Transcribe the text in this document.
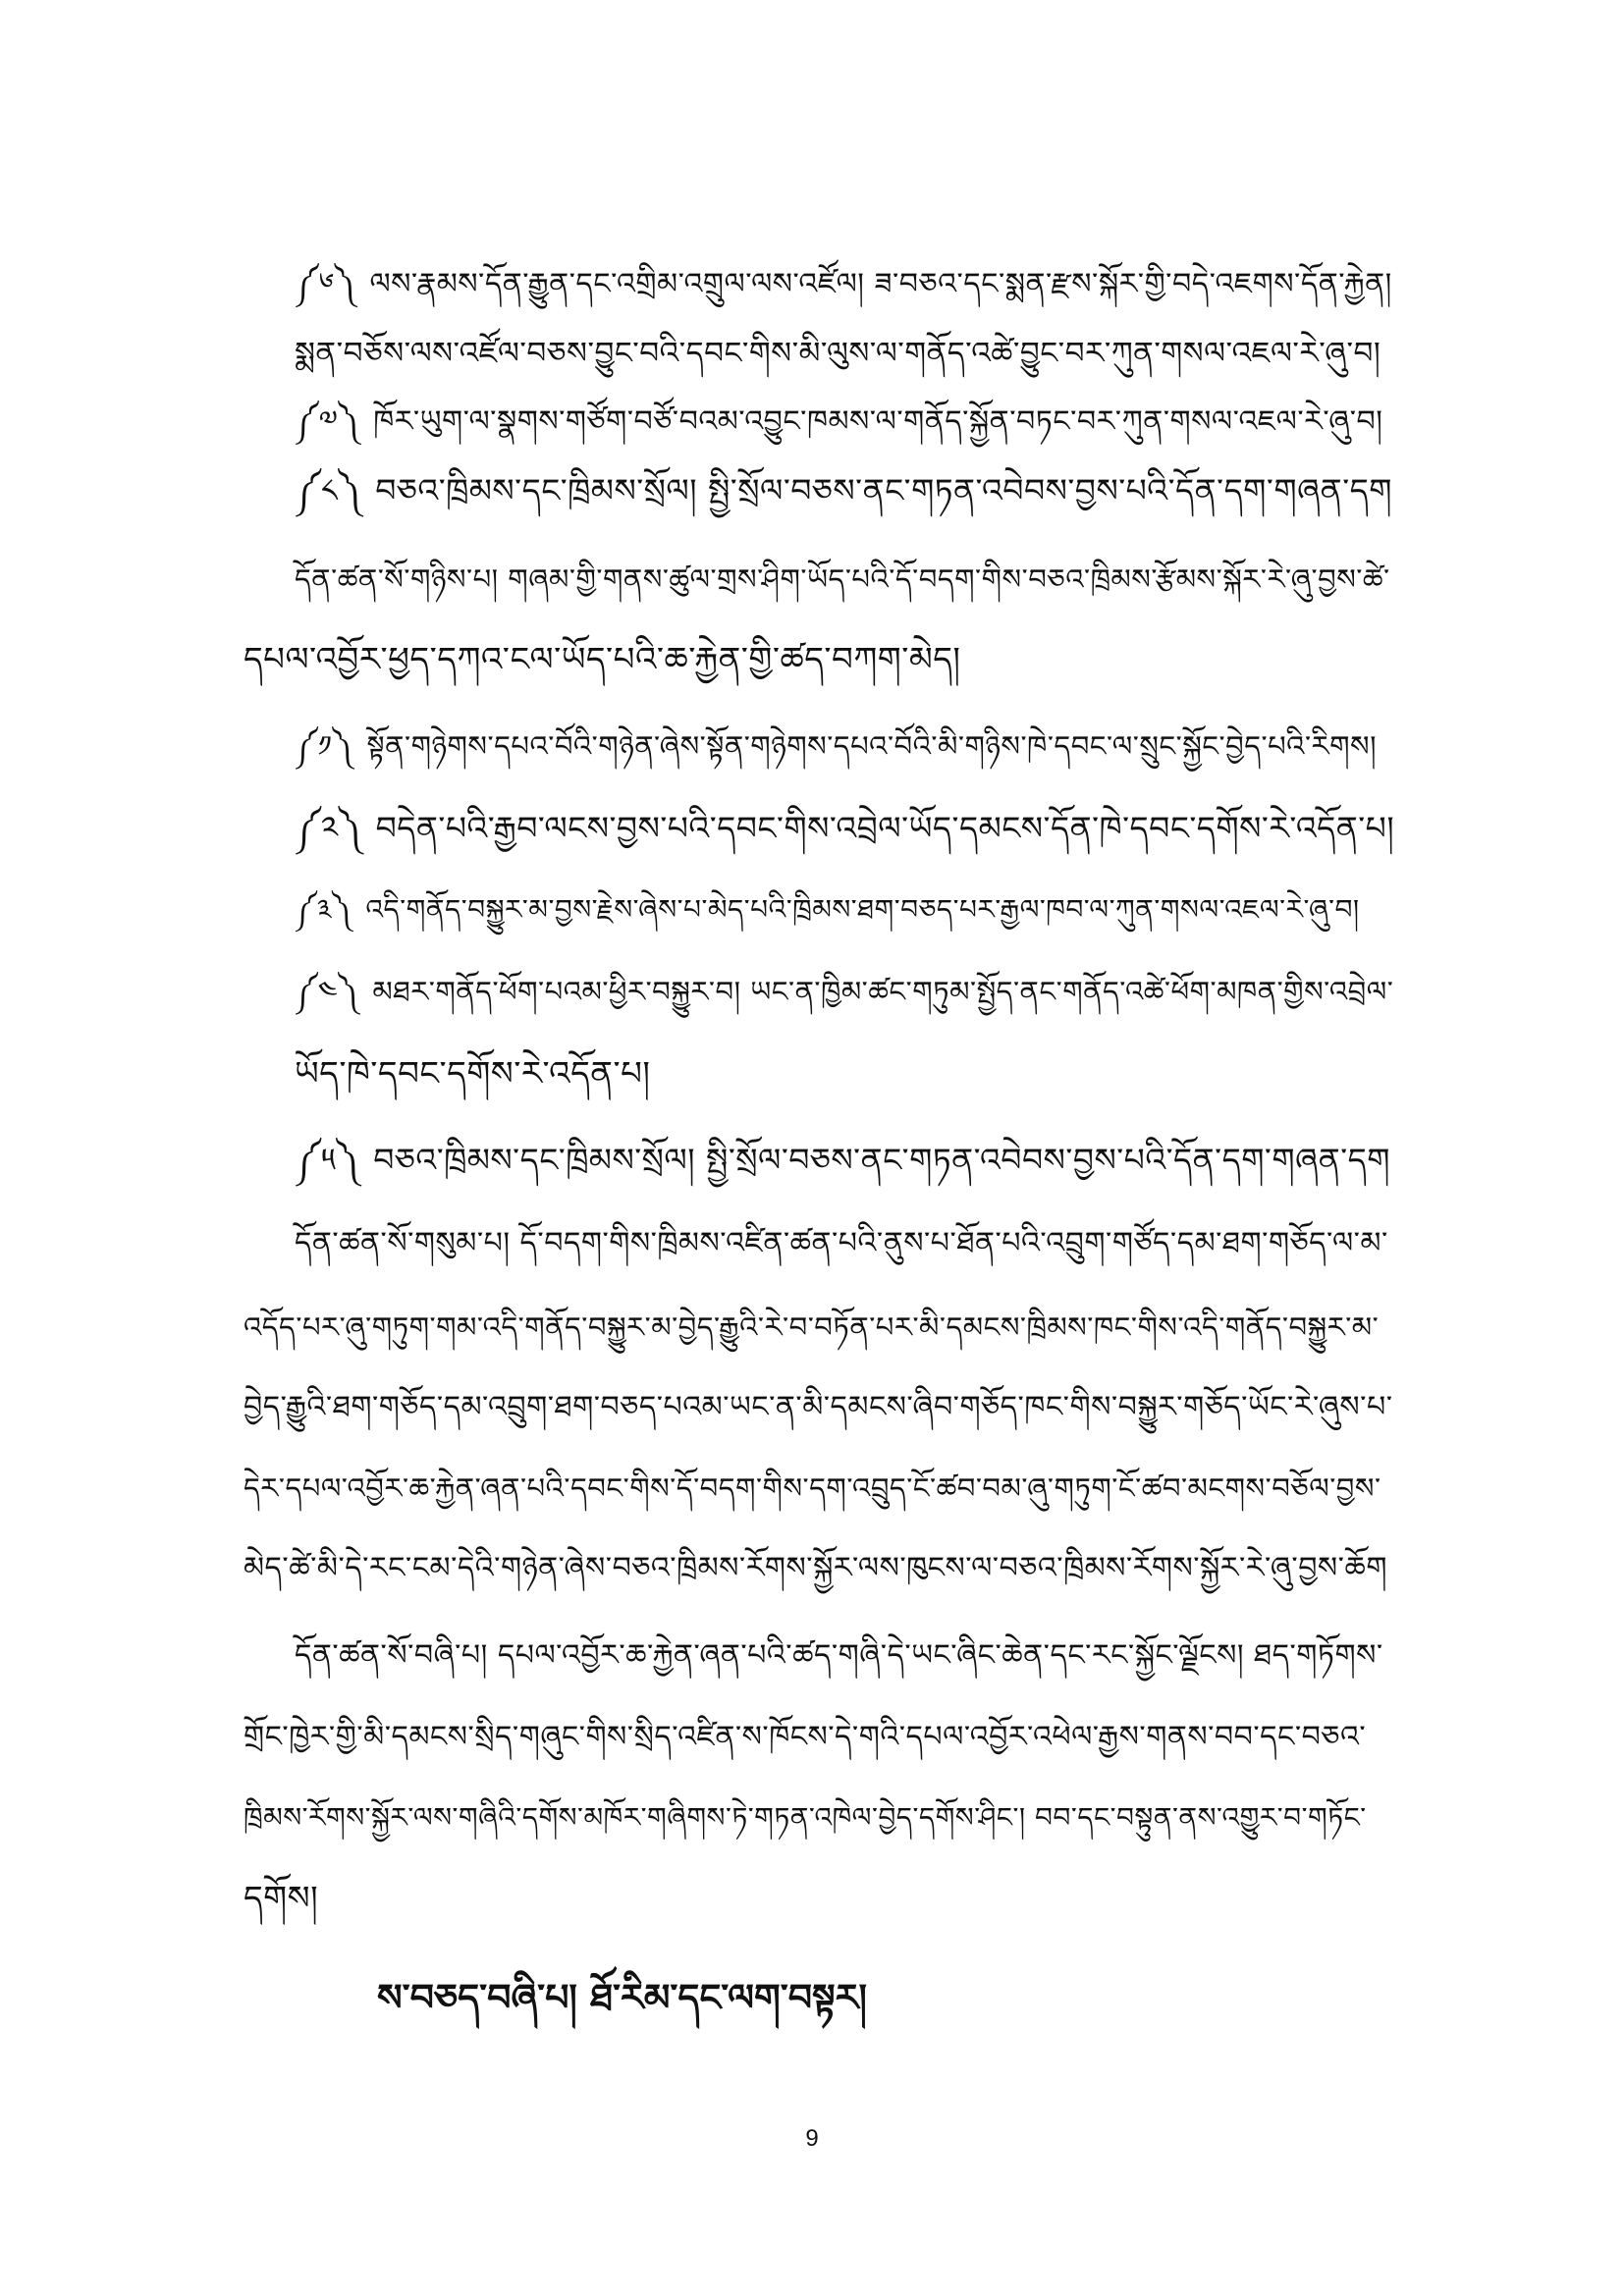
༼༦༽ ལས་རྣམས་དོན་རྒྱུན་དང་འགྲིམ་འགྲུལ་ལས་འཛོལ། ཟ་བཅའ་དང་སྨན་རྫས་སྐོར་གྱི་བདེ་འཇགས་དོན་རྐྱེན།
སྨན་བཅོས་ལས་འཛོལ་བཅས་བྱུང་བའི་དབང་གིས་མི་ལུས་ལ་གནོད་འཚེ་བྱུང་བར་ཀུན་གསལ་འཇལ་རེ་ཞུ་བ།
༼༧༽ ཁོར་ཡུག་ལ་སྣགས་གཙོག་བཙོ་བའམ་འབྱུང་ཁམས་ལ་གནོད་སྐྱོན་བཏང་བར་ཀུན་གསལ་འཇལ་རེ་ཞུ་བ།
༼༨༽ བཅའ་ཁྲིམས་དང་ཁྲིམས་སྲོལ། སྤྱི་སྲོལ་བཅས་ནང་གཏན་འབེབས་བྱས་པའི་དོན་དག་གཞན་དག
དོན་ཚན་སོ་གཉིས་པ། གཞམ་གྱི་གནས་ཚུལ་གྲས་ཤིག་ཡོད་པའི་དོ་བདག་གིས་བཅའ་ཁྲིམས་རྩོམས་སྐོར་རེ་ཞུ་བྱས་ཚེ་
དཔལ་འབྱོར་ཕྱད་དཀའ་ངལ་ཡོད་པའི་ཆ་རྐྱེན་གྱི་ཚད་བཀག་མེད།
༼༡༽ སྟོན་གཉེགས་དཔའ་བོའི་གཉེན་ཞེས་སྟོན་གཉེགས་དཔའ་བོའི་མི་གཉིས་ཁེ་དབང་ལ་སྲུང་སྐྱོང་བྱེད་པའི་རིགས།
༼༢༽ བདེན་པའི་རྒྱབ་ལངས་བྱས་པའི་དབང་གིས་འབྲེལ་ཡོད་དམངས་དོན་ཁེ་དབང་དགོས་རེ་འདོན་པ།
༼༣༽ འདི་གནོད་བསྐྱུར་མ་བྱས་རྗེས་ཞེས་པ་མེད་པའི་ཁྲིམས་ཐག་བཅད་པར་རྒྱལ་ཁབ་ལ་ཀུན་གསལ་འཇལ་རེ་ཞུ་བ།
༼༤༽ མཐར་གནོད་ཕོག་པའམ་ཕྱིར་བསྐྱུར་བ། ཡང་ན་ཁྱིམ་ཚང་གཏུམ་སྤྱོད་ནང་གནོད་འཚེ་ཕོག་མཁན་གྱིས་འབྲེལ་
ཡོད་ཁེ་དབང་དགོས་རེ་འདོན་པ།
༼༥༽ བཅའ་ཁྲིམས་དང་ཁྲིམས་སྲོལ། སྤྱི་སྲོལ་བཅས་ནང་གཏན་འབེབས་བྱས་པའི་དོན་དག་གཞན་དག
དོན་ཚན་སོ་གསུམ་པ། དོ་བདག་གིས་ཁྲིམས་འཛིན་ཚན་པའི་ནུས་པ་ཐོན་པའི་འབྲུག་གཙོད་དམ་ཐག་གཅོད་ལ་མ་
འདོད་པར་ཞུ་གཏུག་གམ་འདི་གནོད་བསྐྱུར་མ་བྱེད་རྒྱུའི་རེ་བ་བཏོན་པར་མི་དམངས་ཁྲིམས་ཁང་གིས་འདི་གནོད་བསྐྱུར་མ་
བྱེད་རྒྱུའི་ཐག་གཅོད་དམ་འབྲུག་ཐག་བཅད་པའམ་ཡང་ན་མི་དམངས་ཞིབ་གཅོད་ཁང་གིས་བསྐྱུར་གཅོད་ཡོང་རེ་ཞུས་པ་
དེར་དཔལ་འབྱོར་ཆ་རྐྱེན་ཞན་པའི་དབང་གིས་དོ་བདག་གིས་དག་འབྲུད་ངོ་ཚབ་བམ་ཞུ་གཏུག་ངོ་ཚབ་མངགས་བཅོལ་བྱས་
མེད་ཚེ་མི་དེ་རང་ངམ་དེའི་གཉེན་ཞེས་བཅའ་ཁྲིམས་རོགས་སྐྱོར་ལས་ཁུངས་ལ་བཅའ་ཁྲིམས་རོགས་སྐྱོར་རེ་ཞུ་བྱས་ཆོག
དོན་ཚན་སོ་བཞི་པ། དཔལ་འབྱོར་ཆ་རྐྱེན་ཞན་པའི་ཚད་གཞི་དེ་ཡང་ཞིང་ཆེན་དང་རང་སྐྱོང་ལྗོངས། ཐད་གཏོགས་
གྲོང་ཁྱེར་གྱི་མི་དམངས་སྲིད་གཞུང་གིས་སྲིད་འཛིན་ས་ཁོངས་དེ་གའི་དཔལ་འབྱོར་འཕེལ་རྒྱས་གནས་བབ་དང་བཅའ་
ཁྲིམས་རོགས་སྐྱོར་ལས་གཞིའི་དགོས་མཁོར་གཞིགས་ཏེ་གཏན་འཁེལ་བྱེད་དགོས་ཤིང་། བབ་དང་བསྟུན་ནས་འགྱུར་བ་གཏོང་
དགོས།
ས་བཅད་བཞི་པ། ཐོ་རིམ་དང་ལག་བསྟར།
9
